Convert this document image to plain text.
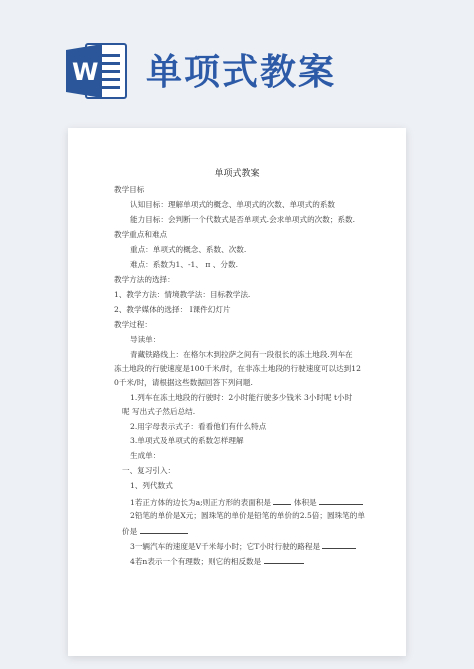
W 单项式教案
单项式教案
教学目标
认知目标：理解单项式的概念、单项式的次数、单项式的系数
能力目标：会判断一个代数式是否单项式.会求单项式的次数；系数.
教学重点和难点
重点：单项式的概念、系数、次数.
难点：系数为1、-1、 π 、分数.
教学方法的选择：
1、教学方法：情境教学法：目标教学法.
2、教学媒体的选择： I课件幻灯片
教学过程：
导读单：
青藏铁路线上：在格尔木到拉萨之间有一段很长的冻土地段.列车在
冻土地段的行驶速度是100千米/时，在非冻土地段的行驶速度可以达到12
0千米/时，请根据这些数据回答下列问题.
1.列车在冻土地段的行驶时：2小时能行驶多少钱米 3小时呢 t小时
呢 写出式子然后总结.
2.用字母表示式子：看看他们有什么特点
3.单项式及单项式的系数怎样理解
生成单：
一、复习引入：
1、列代数式
1若正方体的边长为a;则正方形的表面积是	体积是
2铅笔的单价是X元；圆珠笔的单价是铅笔的单价的2.5倍；圆珠笔的单
价是
3一辆汽车的速度是V千米每小时；它T小时行驶的路程是
4若n表示一个有理数；则它的相反数是
